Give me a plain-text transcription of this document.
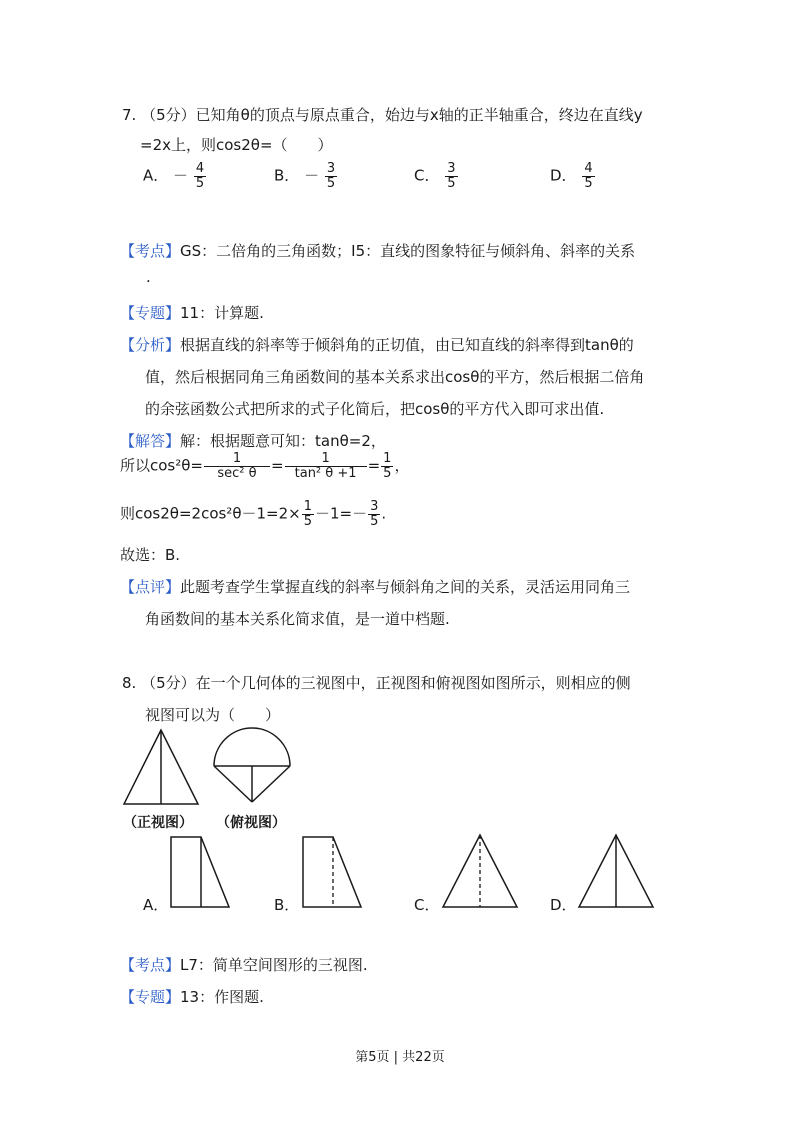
7. （5分）已知角θ的顶点与原点重合，始边与x轴的正半轴重合，终边在直线y
=2x上，则cos2θ=（　　）
A． － $\frac{4}{5}$	B． － $\frac{3}{5}$	C． $\frac{3}{5}$	D． $\frac{4}{5}$
【考点】GS：二倍角的三角函数；I5：直线的图象特征与倾斜角、斜率的关系
.
【专题】11：计算题.
【分析】根据直线的斜率等于倾斜角的正切值，由已知直线的斜率得到tanθ的
值，然后根据同角三角函数间的基本关系求出cosθ的平方，然后根据二倍角
的余弦函数公式把所求的式子化简后，把cosθ的平方代入即可求出值.
【解答】解：根据题意可知：tanθ=2，
所以$\cos^2\theta= \frac{1}{\text{sec² θ}} = \frac{1}{\text{tan² θ +1}} = \frac{1}{5}$ ，
则$\cos 2\theta=2\cos^2\theta-1=2\times \frac{1}{5} -1=- \frac{3}{5}$ .
故选：B.
【点评】此题考查学生掌握直线的斜率与倾斜角之间的关系，灵活运用同角三
角函数间的基本关系化简求值，是一道中档题.
8. （5分）在一个几何体的三视图中，正视图和俯视图如图所示，则相应的侧
视图可以为（　　）
（正视图） （俯视图）
A．	B．	C．	D．
【考点】L7：简单空间图形的三视图.
【专题】13：作图题.
第5页 | 共22页
